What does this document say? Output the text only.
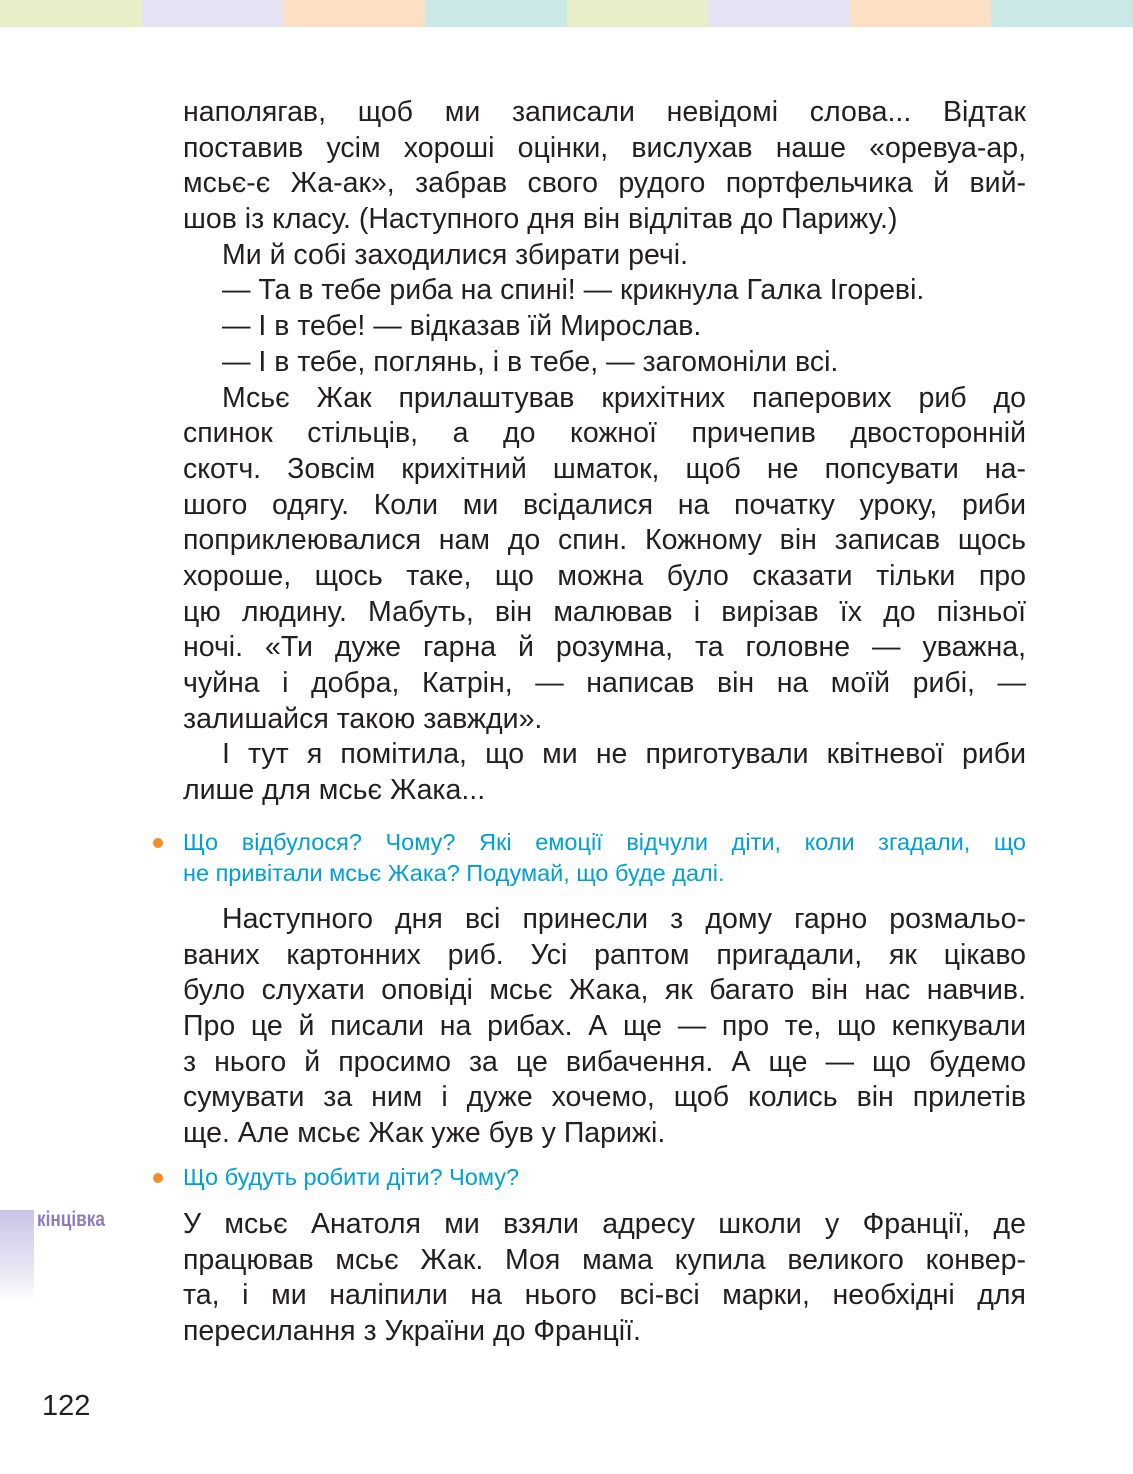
наполягав, щоб ми записали невідомі слова... Відтак
поставив усім хороші оцінки, вислухав наше «оревуа-ар,
мсьє-є Жа-ак», забрав свого рудого портфельчика й вий-
шов із класу. (Наступного дня він відлітав до Парижу.)
Ми й собі заходилися збирати речі.
— Та в тебе риба на спині! — крикнула Галка Ігореві.
— І в тебе! — відказав їй Мирослав.
— І в тебе, поглянь, і в тебе, — загомоніли всі.
Мсьє Жак прилаштував крихітних паперових риб до
спинок стільців, а до кожної причепив двосторонній
скотч. Зовсім крихітний шматок, щоб не попсувати на-
шого одягу. Коли ми всідалися на початку уроку, риби
поприклеювалися нам до спин. Кожному він записав щось
хороше, щось таке, що можна було сказати тільки про
цю людину. Мабуть, він малював і вирізав їх до пізньої
ночі. «Ти дуже гарна й розумна, та головне — уважна,
чуйна і добра, Катрін, — написав він на моїй рибі, —
залишайся такою завжди».
І тут я помітила, що ми не приготували квітневої риби
лише для мсьє Жака...
Що відбулося? Чому? Які емоції відчули діти, коли згадали, що
не привітали мсьє Жака? Подумай, що буде далі.
Наступного дня всі принесли з дому гарно розмальо-
ваних картонних риб. Усі раптом пригадали, як цікаво
було слухати оповіді мсьє Жака, як багато він нас навчив.
Про це й писали на рибах. А ще — про те, що кепкували
з нього й просимо за це вибачення. А ще — що будемо
сумувати за ним і дуже хочемо, щоб колись він прилетів
ще. Але мсьє Жак уже був у Парижі.
Що будуть робити діти? Чому?
кінцівка	У мсьє Анатоля ми взяли адресу школи у Франції, де
працював мсьє Жак. Моя мама купила великого конвер-
та, і ми наліпили на нього всі-всі марки, необхідні для
пересилання з України до Франції.
122
